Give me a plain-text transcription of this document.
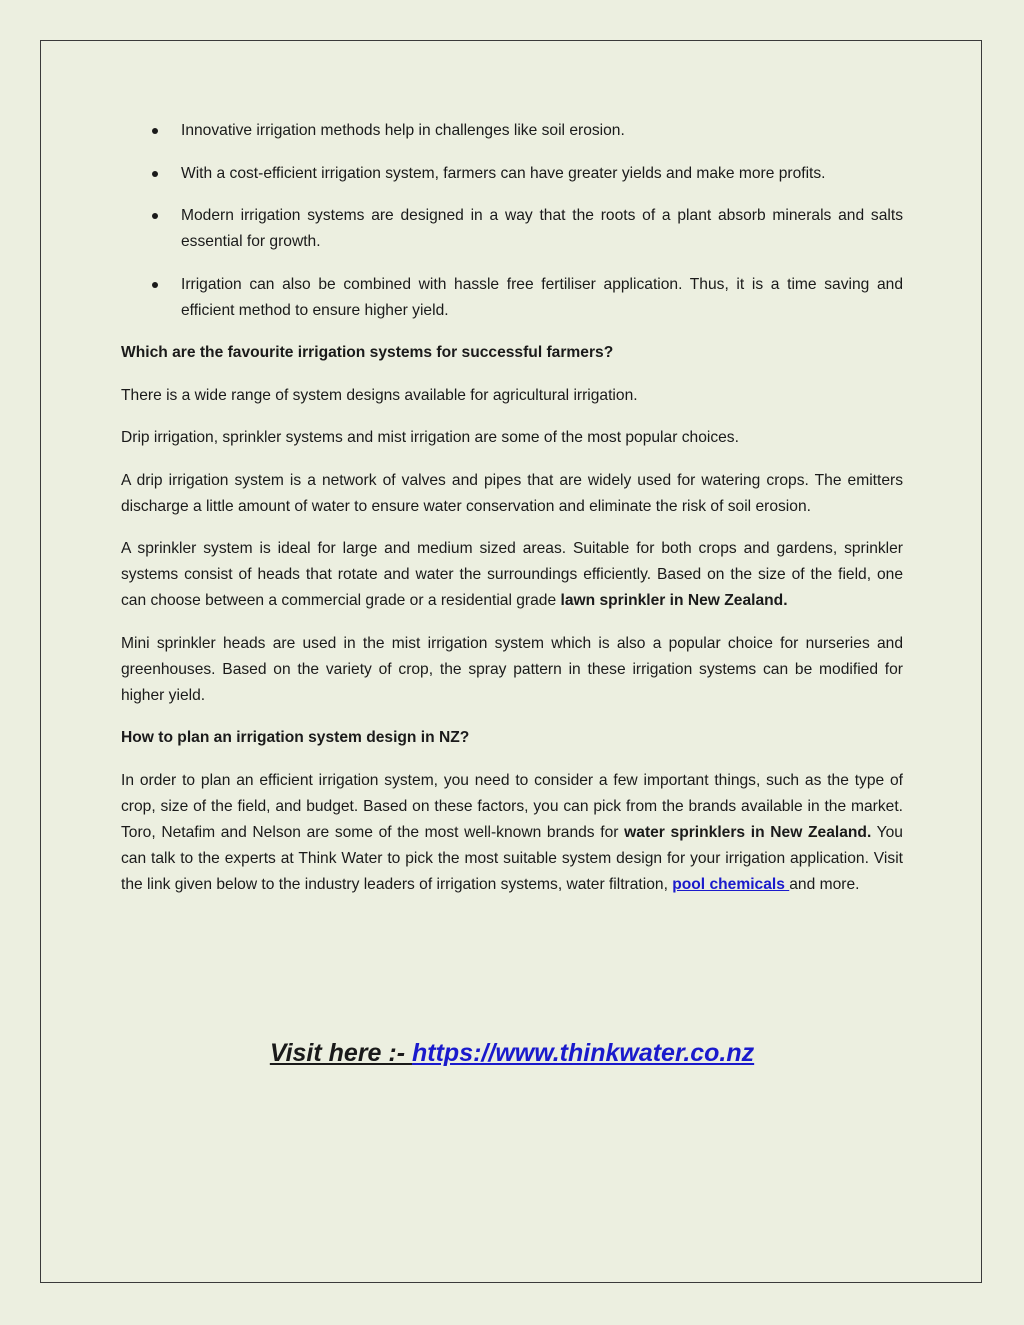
Innovative irrigation methods help in challenges like soil erosion.
With a cost-efficient irrigation system, farmers can have greater yields and make more profits.
Modern irrigation systems are designed in a way that the roots of a plant absorb minerals and salts essential for growth.
Irrigation can also be combined with hassle free fertiliser application. Thus, it is a time saving and efficient method to ensure higher yield.

Which are the favourite irrigation systems for successful farmers?

There is a wide range of system designs available for agricultural irrigation.

Drip irrigation, sprinkler systems and mist irrigation are some of the most popular choices.

A drip irrigation system is a network of valves and pipes that are widely used for watering crops. The emitters discharge a little amount of water to ensure water conservation and eliminate the risk of soil erosion.

A sprinkler system is ideal for large and medium sized areas. Suitable for both crops and gardens, sprinkler systems consist of heads that rotate and water the surroundings efficiently. Based on the size of the field, one can choose between a commercial grade or a residential grade lawn sprinkler in New Zealand.

Mini sprinkler heads are used in the mist irrigation system which is also a popular choice for nurseries and greenhouses. Based on the variety of crop, the spray pattern in these irrigation systems can be modified for higher yield.

How to plan an irrigation system design in NZ?

In order to plan an efficient irrigation system, you need to consider a few important things, such as the type of crop, size of the field, and budget. Based on these factors, you can pick from the brands available in the market. Toro, Netafim and Nelson are some of the most well-known brands for water sprinklers in New Zealand. You can talk to the experts at Think Water to pick the most suitable system design for your irrigation application. Visit the link given below to the industry leaders of irrigation systems, water filtration, pool chemicals and more.

Visit here :- https://www.thinkwater.co.nz
